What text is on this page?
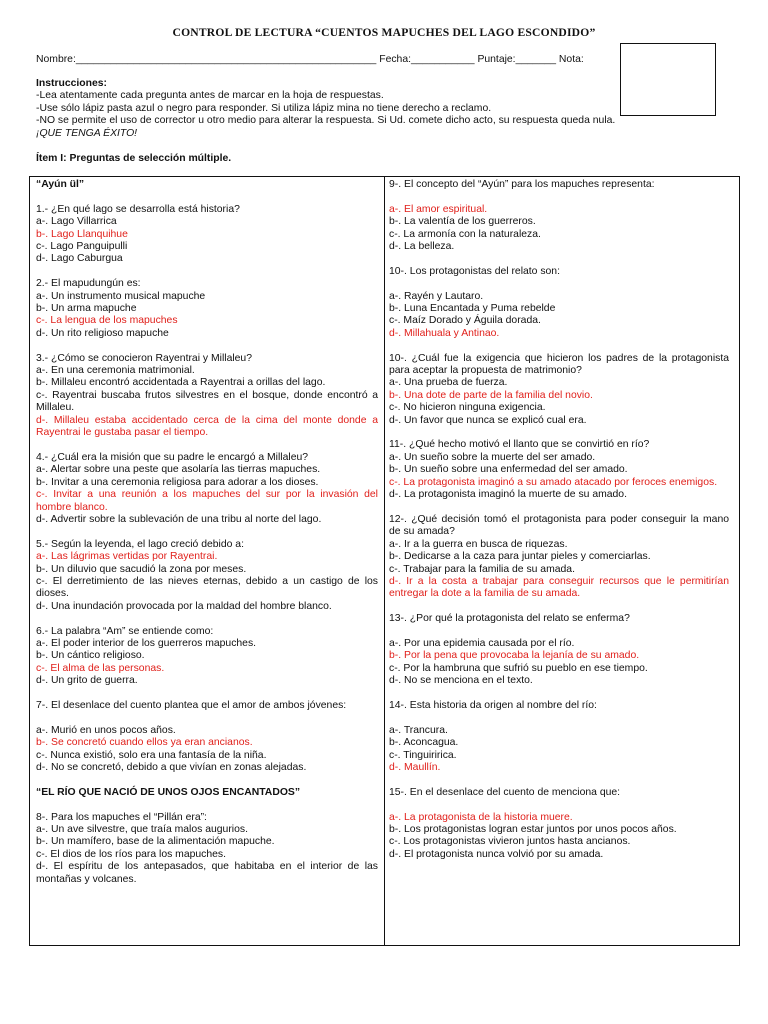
CONTROL DE LECTURA “CUENTOS MAPUCHES DEL LAGO ESCONDIDO”
Nombre:____________________________________________________ Fecha:___________ Puntaje:_______ Nota:
Instrucciones:
-Lea atentamente cada pregunta antes de marcar en la hoja de respuestas.
-Use sólo lápiz pasta azul o negro para responder. Si utiliza lápiz mina no tiene derecho a reclamo.
-NO se permite el uso de corrector u otro medio para alterar la respuesta. Si Ud. comete dicho acto, su respuesta queda nula.
¡QUE TENGA ÉXITO!
Ítem I: Preguntas de selección múltiple.
“Ayún ül”
1.- ¿En qué lago se desarrolla está historia?
a-. Lago Villarrica
b-. Lago Llanquihue
c-. Lago Panguipulli
d-. Lago Caburgua
2.- El mapudungún es:
a-. Un instrumento musical mapuche
b-. Un arma mapuche
c-. La lengua de los mapuches
d-. Un rito religioso mapuche
3.- ¿Cómo se conocieron Rayentrai y Millaleu?
a-. En una ceremonia matrimonial.
b-. Millaleu encontró accidentada a Rayentrai a orillas del lago.
c-. Rayentrai buscaba frutos silvestres en el bosque, donde encontró a Millaleu.
d-. Millaleu estaba accidentado cerca de la cima del monte donde a Rayentrai le gustaba pasar el tiempo.
4.- ¿Cuál era la misión que su padre le encargó a Millaleu?
a-. Alertar sobre una peste que asolaría las tierras mapuches.
b-. Invitar a una ceremonia religiosa para adorar a los dioses.
c-. Invitar a una reunión a los mapuches del sur por la invasión del hombre blanco.
d-. Advertir sobre la sublevación de una tribu al norte del lago.
5.- Según la leyenda, el lago creció debido a:
a-. Las lágrimas vertidas por Rayentrai.
b-. Un diluvio que sacudió la zona por meses.
c-. El derretimiento de las nieves eternas, debido a un castigo de los dioses.
d-. Una inundación provocada por la maldad del hombre blanco.
6.- La palabra “Am” se entiende como:
a-. El poder interior de los guerreros mapuches.
b-. Un cántico religioso.
c-. El alma de las personas.
d-. Un grito de guerra.
7-. El desenlace del cuento plantea que el amor de ambos jóvenes:
a-. Murió en unos pocos años.
b-. Se concretó cuando ellos ya eran ancianos.
c-. Nunca existió, solo era una fantasía de la niña.
d-. No se concretó, debido a que vivían en zonas alejadas.
“EL RÍO QUE NACIÓ DE UNOS OJOS ENCANTADOS”
8-. Para los mapuches el “Pillán era”:
a-. Un ave silvestre, que traía malos augurios.
b-. Un mamífero, base de la alimentación mapuche.
c-. El dios de los ríos para los mapuches.
d-. El espíritu de los antepasados, que habitaba en el interior de las montañas y volcanes.
9-. El concepto del “Ayún” para los mapuches representa:
a-. El amor espiritual.
b-. La valentía de los guerreros.
c-. La armonía con la naturaleza.
d-. La belleza.
10-. Los protagonistas del relato son:
a-. Rayén y Lautaro.
b-. Luna Encantada y Puma rebelde
c-. Maíz Dorado y Águila dorada.
d-. Millahuala y Antinao.
10-. ¿Cuál fue la exigencia que hicieron los padres de la protagonista para aceptar la propuesta de matrimonio?
a-. Una prueba de fuerza.
b-. Una dote de parte de la familia del novio.
c-. No hicieron ninguna exigencia.
d-. Un favor que nunca se explicó cual era.
11-. ¿Qué hecho motivó el llanto que se convirtió en río?
a-. Un sueño sobre la muerte del ser amado.
b-. Un sueño sobre una enfermedad del ser amado.
c-. La protagonista imaginó a su amado atacado por feroces enemigos.
d-. La protagonista imaginó la muerte de su amado.
12-. ¿Qué decisión tomó el protagonista para poder conseguir la mano de su amada?
a-. Ir a la guerra en busca de riquezas.
b-. Dedicarse a la caza para juntar pieles y comerciarlas.
c-. Trabajar para la familia de su amada.
d-. Ir a la costa a trabajar para conseguir recursos que le permitirían entregar la dote a la familia de su amada.
13-. ¿Por qué la protagonista del relato se enferma?
a-. Por una epidemia causada por el río.
b-. Por la pena que provocaba la lejanía de su amado.
c-. Por la hambruna que sufrió su pueblo en ese tiempo.
d-. No se menciona en el texto.
14-. Esta historia da origen al nombre del río:
a-. Trancura.
b-. Aconcagua.
c-. Tinguiririca.
d-. Maullín.
15-. En el desenlace del cuento de menciona que:
a-. La protagonista de la historia muere.
b-. Los protagonistas logran estar juntos por unos pocos años.
c-. Los protagonistas vivieron juntos hasta ancianos.
d-. El protagonista nunca volvió por su amada.
